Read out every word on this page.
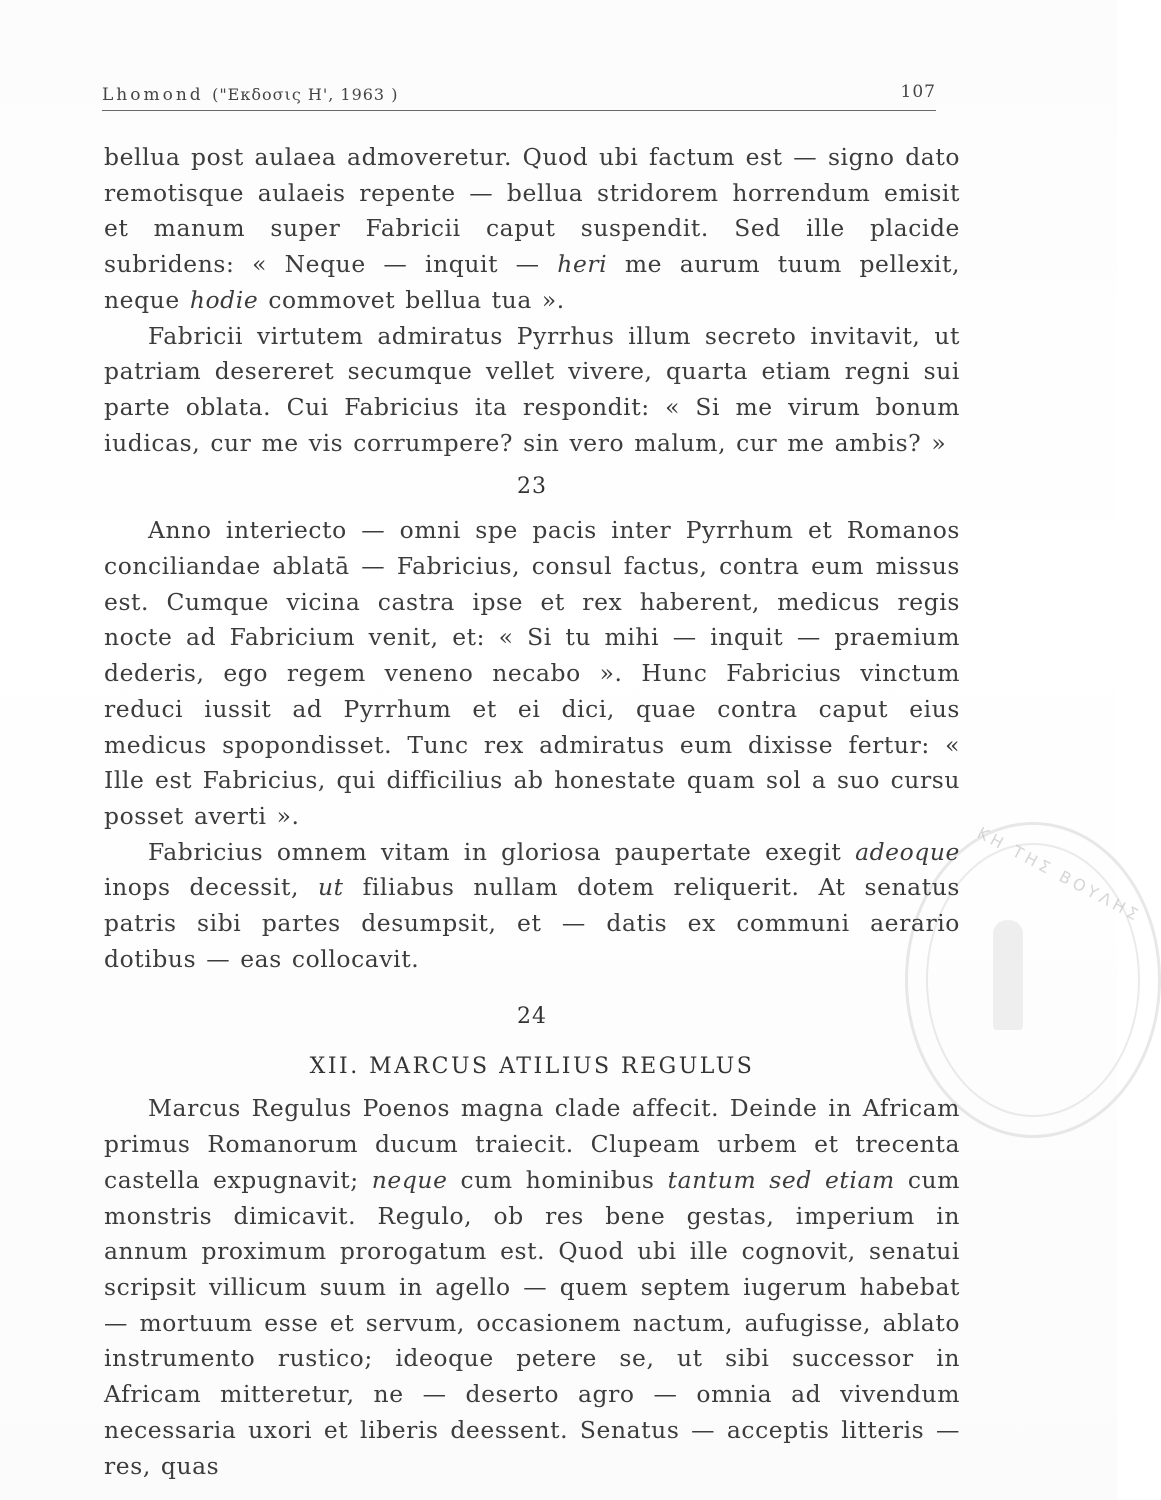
Lhomond ("Εκδοσις Η', 1963 )	107
ΚΗ ΤΗΣ ΒΟΥΛΗΣ

bellua post aulaea admoveretur. Quod ubi factum est — signo dato remotisque aulaeis repente — bellua stridorem horrendum emisit et manum super Fabricii caput suspendit. Sed ille placide subridens: « Neque — inquit — heri me aurum tuum pellexit, neque hodie commovet bellua tua ».

Fabricii virtutem admiratus Pyrrhus illum secreto invitavit, ut patriam desereret secumque vellet vivere, quarta etiam regni sui parte oblata. Cui Fabricius ita respondit: « Si me virum bonum iudicas, cur me vis corrumpere? sin vero malum, cur me ambis? »

23

Anno interiecto — omni spe pacis inter Pyrrhum et Romanos conciliandae ablatā — Fabricius, consul factus, contra eum missus est. Cumque vicina castra ipse et rex haberent, medicus regis nocte ad Fabricium venit, et: « Si tu mihi — inquit — praemium dederis, ego regem veneno necabo ». Hunc Fabricius vinctum reduci iussit ad Pyrrhum et ei dici, quae contra caput eius medicus spopondisset. Tunc rex admiratus eum dixisse fertur: « Ille est Fabricius, qui difficilius ab honestate quam sol a suo cursu posset averti ».

Fabricius omnem vitam in gloriosa paupertate exegit adeoque inops decessit, ut filiabus nullam dotem reliquerit. At senatus patris sibi partes desumpsit, et — datis ex communi aerario dotibus — eas collocavit.

24
XII. MARCUS ATILIUS REGULUS

Marcus Regulus Poenos magna clade affecit. Deinde in Africam primus Romanorum ducum traiecit. Clupeam urbem et trecenta castella expugnavit; neque cum hominibus tantum sed etiam cum monstris dimicavit. Regulo, ob res bene gestas, imperium in annum proximum prorogatum est. Quod ubi ille cognovit, senatui scripsit villicum suum in agello — quem septem iugerum habebat — mortuum esse et servum, occasionem nactum, aufugisse, ablato instrumento rustico; ideoque petere se, ut sibi successor in Africam mitteretur, ne — deserto agro — omnia ad vivendum necessaria uxori et liberis deessent. Senatus — acceptis litteris — res, quas
